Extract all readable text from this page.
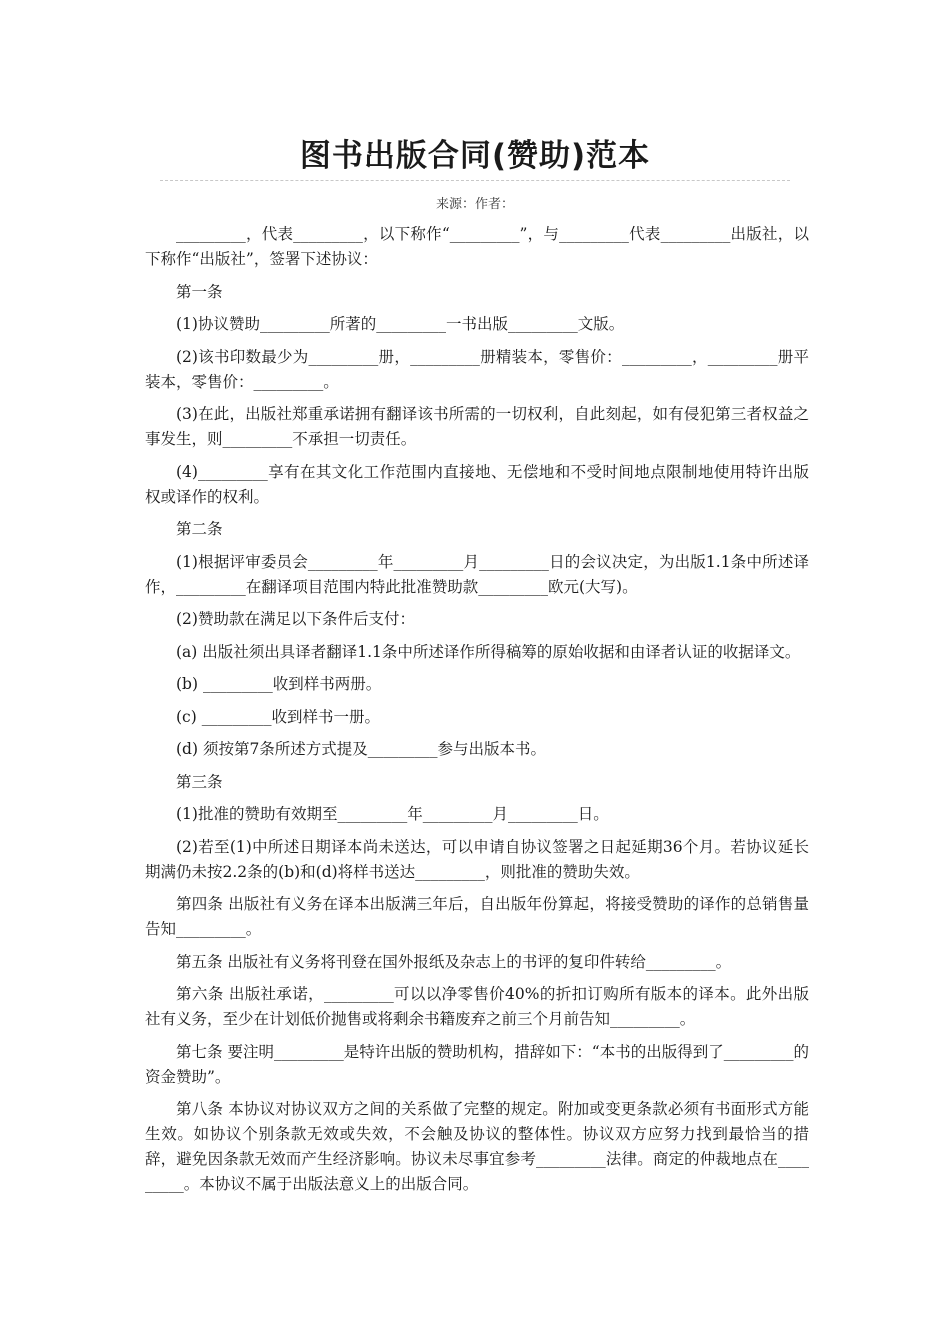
图书出版合同(赞助)范本
来源：作者：

_________，代表_________，以下称作“_________”，与_________代表_________出版社，以下称作“出版社”，签署下述协议：

第一条

(1)协议赞助_________所著的_________一书出版_________文版。

(2)该书印数最少为_________册，_________册精装本，零售价：_________，_________册平装本，零售价：_________。

(3)在此，出版社郑重承诺拥有翻译该书所需的一切权利，自此刻起，如有侵犯第三者权益之事发生，则_________不承担一切责任。

(4)_________享有在其文化工作范围内直接地、无偿地和不受时间地点限制地使用特许出版权或译作的权利。

第二条

(1)根据评审委员会_________年_________月_________日的会议决定，为出版1.1条中所述译作，_________在翻译项目范围内特此批准赞助款_________欧元(大写)。

(2)赞助款在满足以下条件后支付：

(a) 出版社须出具译者翻译1.1条中所述译作所得稿筹的原始收据和由译者认证的收据译文。

(b) _________收到样书两册。

(c) _________收到样书一册。

(d) 须按第7条所述方式提及_________参与出版本书。

第三条

(1)批准的赞助有效期至_________年_________月_________日。

(2)若至(1)中所述日期译本尚未送达，可以申请自协议签署之日起延期36个月。若协议延长期满仍未按2.2条的(b)和(d)将样书送达_________，则批准的赞助失效。

第四条 出版社有义务在译本出版满三年后，自出版年份算起，将接受赞助的译作的总销售量告知_________。

第五条 出版社有义务将刊登在国外报纸及杂志上的书评的复印件转给_________。

第六条 出版社承诺，_________可以以净零售价40%的折扣订购所有版本的译本。此外出版社有义务，至少在计划低价抛售或将剩余书籍废弃之前三个月前告知_________。

第七条 要注明_________是特许出版的赞助机构，措辞如下：“本书的出版得到了_________的资金赞助”。

第八条 本协议对协议双方之间的关系做了完整的规定。附加或变更条款必须有书面形式方能生效。如协议个别条款无效或失效，不会触及协议的整体性。协议双方应努力找到最恰当的措辞，避免因条款无效而产生经济影响。协议未尽事宜参考_________法律。商定的仲裁地点在_________。本协议不属于出版法意义上的出版合同。
